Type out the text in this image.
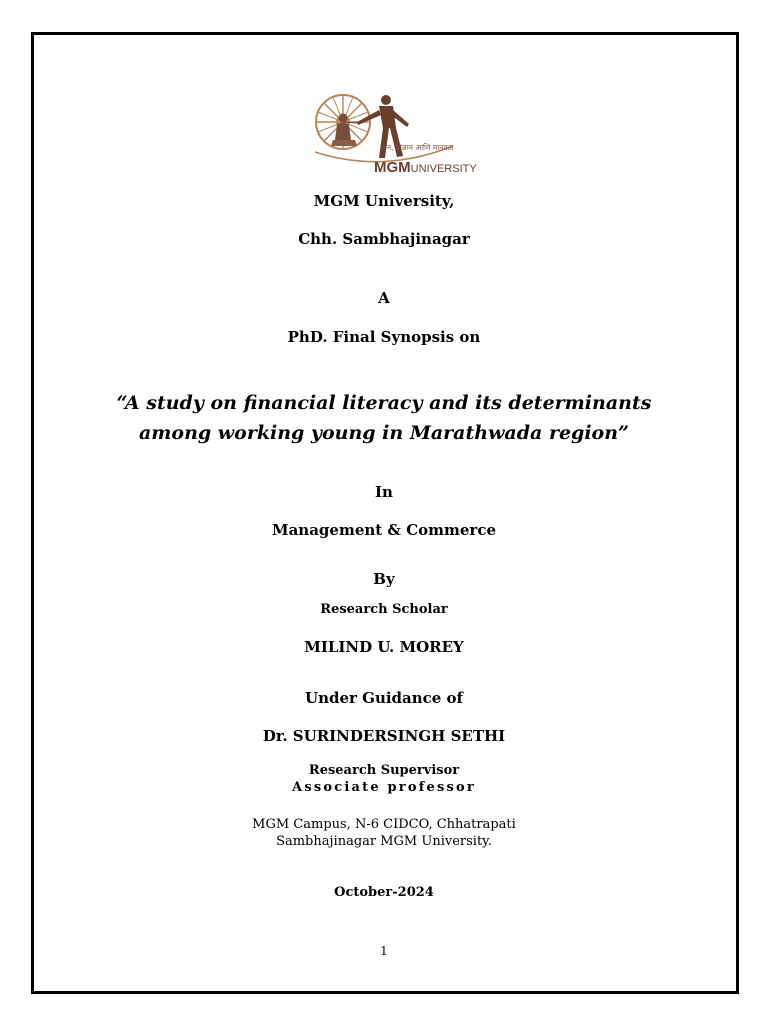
ज्ञान, विज्ञान आणि मानवता
MGMUNIVERSITY
MGM University,
Chh. Sambhajinagar
A
PhD. Final Synopsis on
“A study on financial literacy and its determinants
among working young in Marathwada region”
In
Management & Commerce
By
Research Scholar
MILIND U. MOREY
Under Guidance of
Dr. SURINDERSINGH SETHI
Research Supervisor
Associate professor
MGM Campus, N-6 CIDCO, Chhatrapati
Sambhajinagar MGM University.
October-2024
1
